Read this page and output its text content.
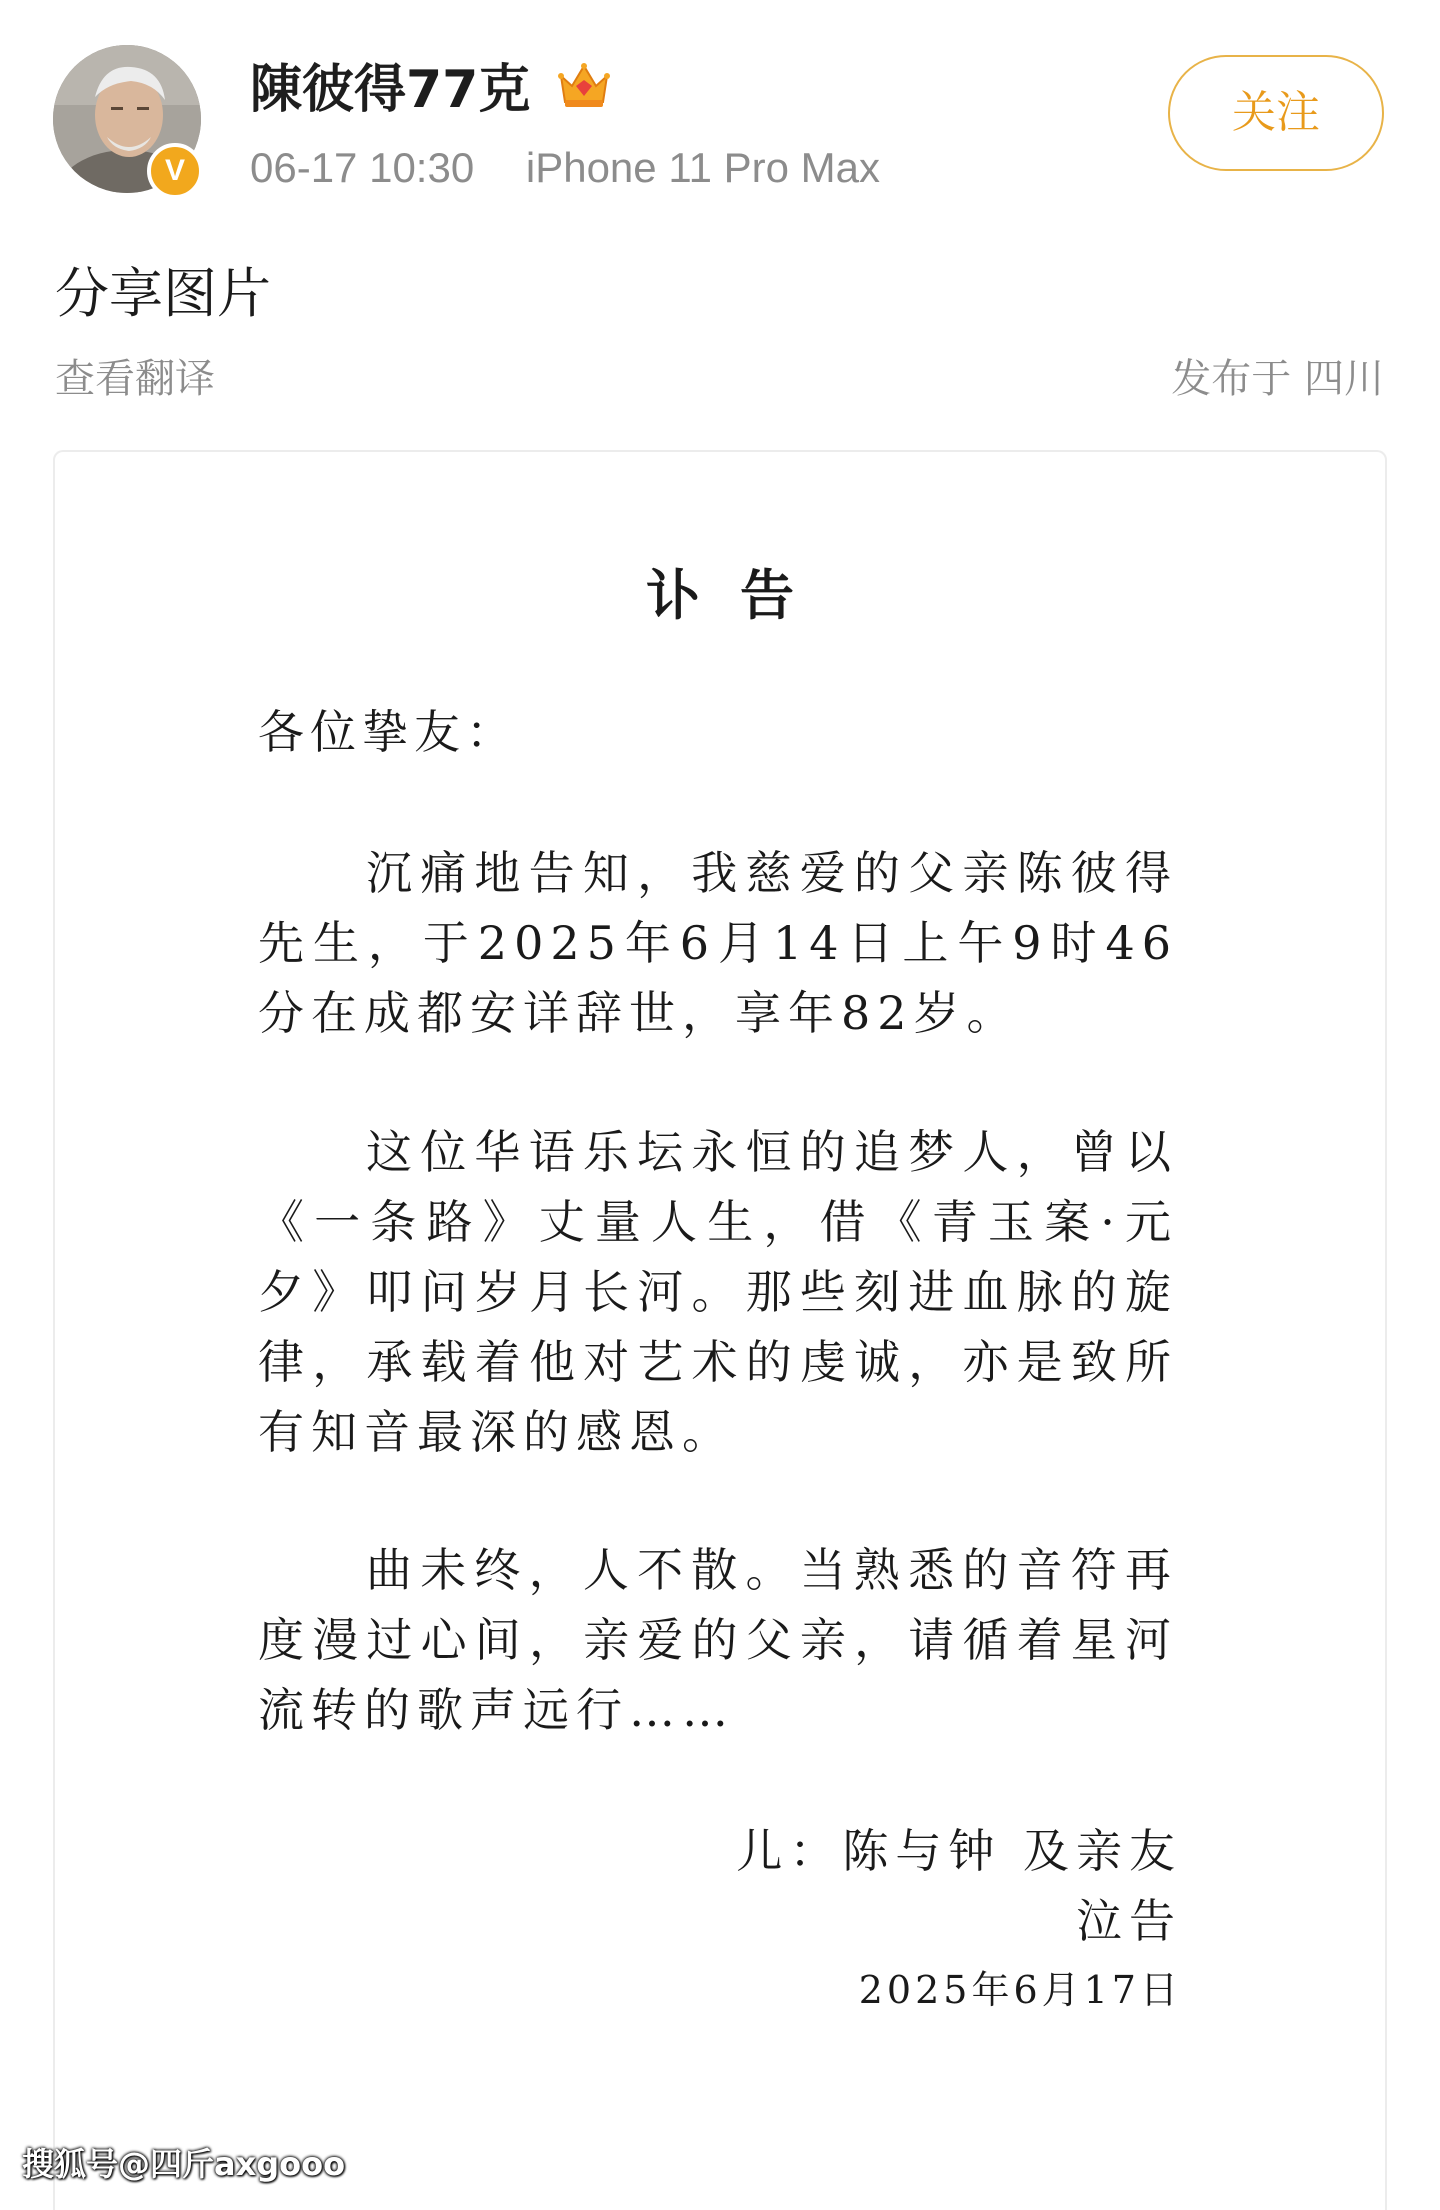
V
陳彼得77克
06-17 10:30 iPhone 11 Pro Max
关注
分享图片
查看翻译	发布于 四川
讣告
各位挚友：

沉痛地告知，我慈爱的父亲陈彼得先生，于2025年6月14日上午9时46分在成都安详辞世，享年82岁。

这位华语乐坛永恒的追梦人，曾以《一条路》丈量人生，借《青玉案·元夕》叩问岁月长河。那些刻进血脉的旋律，承载着他对艺术的虔诚，亦是致所有知音最深的感恩。

曲未终，人不散。当熟悉的音符再度漫过心间，亲爱的父亲，请循着星河流转的歌声远行……

儿：陈与钟 及亲友
泣告
2025年6月17日
搜狐号@四斤axgooo
